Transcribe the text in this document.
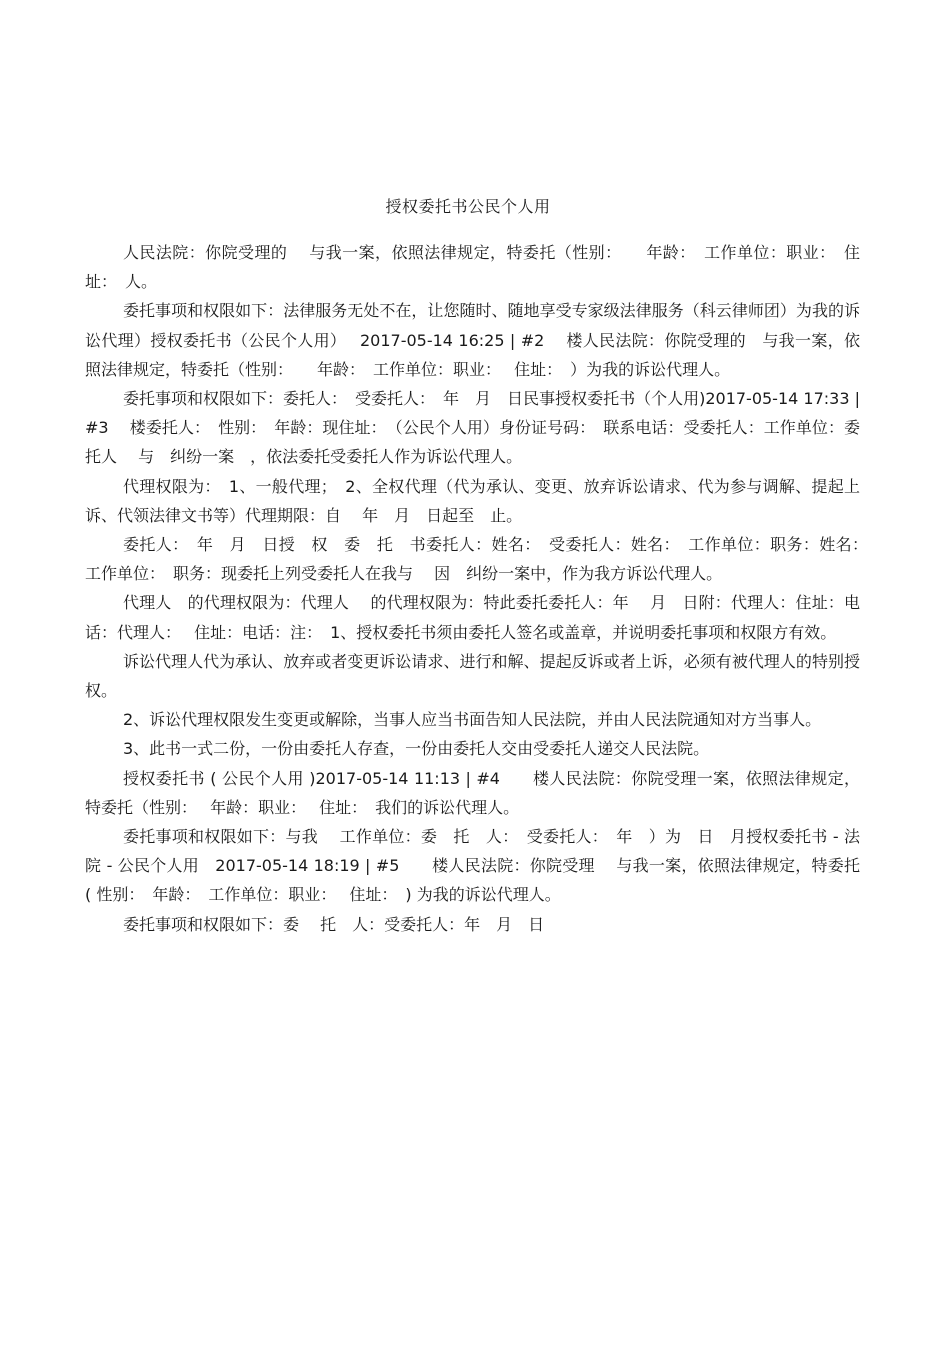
授权委托书公民个人用

人民法院：你院受理的　 与我一案，依照法律规定，特委托（性别：　　年龄：　工作单位：职业：　住址：　人。

委托事项和权限如下：法律服务无处不在，让您随时、随地享受专家级法律服务（科云律师团）为我的诉讼代理）授权委托书（公民个人用）　 2017-05-14 16:25 | #2　 楼人民法院：你院受理的　与我一案，依照法律规定，特委托（性别：　　年龄：　工作单位：职业：　 住址：　）为我的诉讼代理人。

委托事项和权限如下：委托人：　受委托人：　年　月　日民事授权委托书（个人用)2017-05-14 17:33 | #3　 楼委托人：　性别：　年龄：现住址：　（公民个人用）身份证号码：　联系电话：受委托人：工作单位：委托人　 与　纠纷一案　，依法委托受委托人作为诉讼代理人。

代理权限为：　1、一般代理；　2、全权代理（代为承认、变更、放弃诉讼请求、代为参与调解、提起上诉、代领法律文书等）代理期限：自　 年　月　日起至　止。

委托人：　年　月　日授　权　委　托　书委托人：姓名：　受委托人：姓名：　工作单位：职务：姓名：　工作单位：　职务：现委托上列受委托人在我与　 因　纠纷一案中，作为我方诉讼代理人。

代理人　的代理权限为：代理人　 的代理权限为：特此委托委托人：年　 月　日附：代理人：住址：电话：代理人：　 住址：电话：注：　1、授权委托书须由委托人签名或盖章，并说明委托事项和权限方有效。

诉讼代理人代为承认、放弃或者变更诉讼请求、进行和解、提起反诉或者上诉，必须有被代理人的特别授权。

2、诉讼代理权限发生变更或解除，当事人应当书面告知人民法院，并由人民法院通知对方当事人。

3、此书一式二份，一份由委托人存查，一份由委托人交由受委托人递交人民法院。

授权委托书 ( 公民个人用 )2017-05-14 11:13 | #4　　楼人民法院：你院受理一案，依照法律规定，特委托（性别：　 年龄：职业：　 住址：　我们的诉讼代理人。

委托事项和权限如下：与我　 工作单位：委　托　人：　受委托人：　年　）为　日　月授权委托书 - 法院 - 公民个人用　2017-05-14 18:19 | #5　　楼人民法院：你院受理　 与我一案，依照法律规定，特委托 ( 性别：　年龄：　工作单位：职业：　 住址：　) 为我的诉讼代理人。

委托事项和权限如下：委　 托　人：受委托人：年　月　日
